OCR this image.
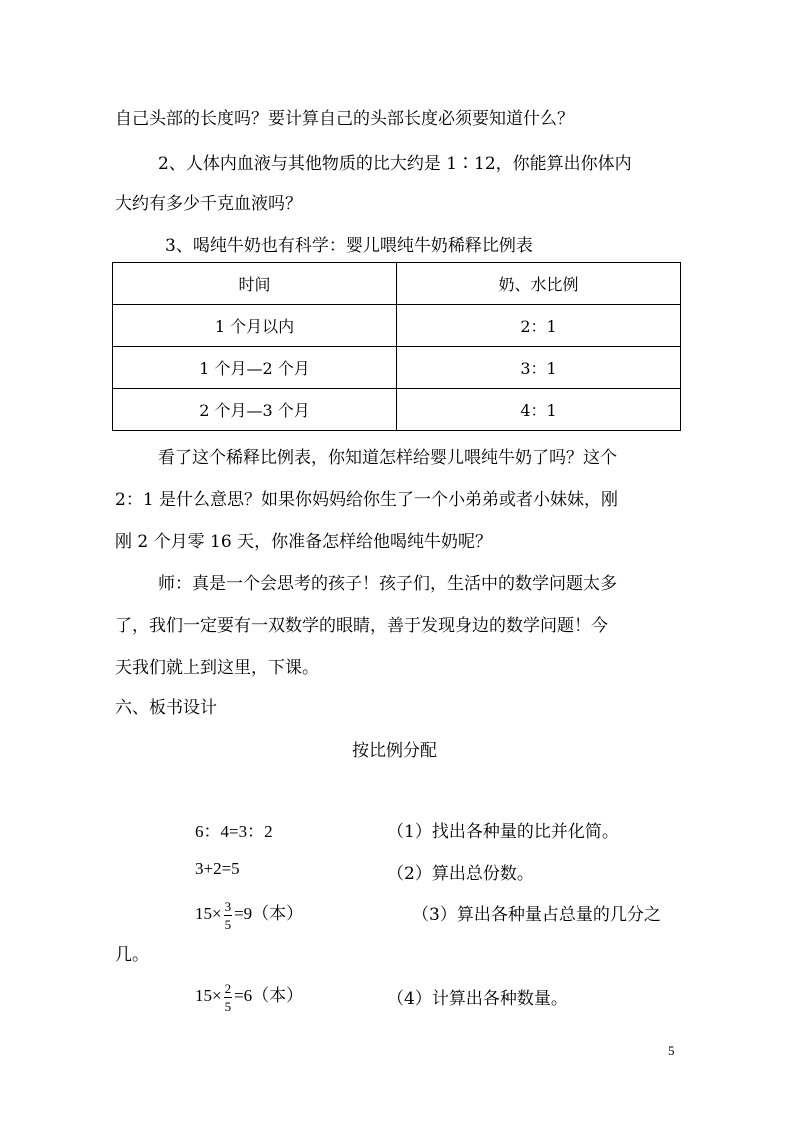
自己头部的长度吗？要计算自己的头部长度必须要知道什么？
2、人体内血液与其他物质的比大约是 1∶12，你能算出你体内
大约有多少千克血液吗？
3、喝纯牛奶也有科学：婴儿喂纯牛奶稀释比例表
时间	奶、水比例
1 个月以内	2：1
1 个月—2 个月	3：1
2 个月—3 个月	4：1
看了这个稀释比例表，你知道怎样给婴儿喂纯牛奶了吗？这个
2：1 是什么意思？如果你妈妈给你生了一个小弟弟或者小妹妹，刚
刚 2 个月零 16 天，你准备怎样给他喝纯牛奶呢？
师：真是一个会思考的孩子！孩子们，生活中的数学问题太多
了，我们一定要有一双数学的眼睛，善于发现身边的数学问题！今
天我们就上到这里，下课。
六、板书设计
按比例分配
6：4=3：2	（1）找出各种量的比并化简。
3+2=5	（2）算出总份数。
$15\times \frac{3}{5} =9$（本）	（3）算出各种量占总量的几分之
几。
$15\times \frac{2}{5} =6$（本）	（4）计算出各种数量。
5
